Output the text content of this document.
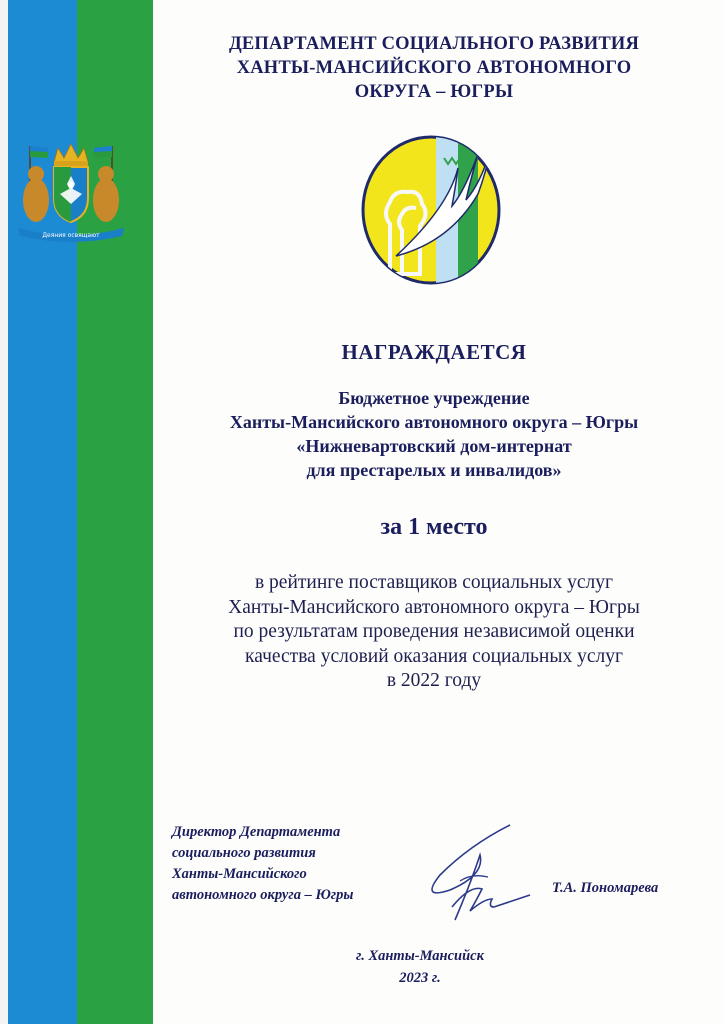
Деяния освящают
ДЕПАРТАМЕНТ СОЦИАЛЬНОГО РАЗВИТИЯ
ХАНТЫ-МАНСИЙСКОГО АВТОНОМНОГО
ОКРУГА – ЮГРЫ
НАГРАЖДАЕТСЯ
Бюджетное учреждение
Ханты-Мансийского автономного округа – Югры
«Нижневартовский дом-интернат
для престарелых и инвалидов»
за 1 место
в рейтинге поставщиков социальных услуг
Ханты-Мансийского автономного округа – Югры
по результатам проведения независимой оценки
качества условий оказания социальных услуг
в 2022 году
Директор Департамента
социального развития
Ханты-Мансийского
автономного округа – Югры	Т.А. Пономарева
г. Ханты-Мансийск
2023 г.
